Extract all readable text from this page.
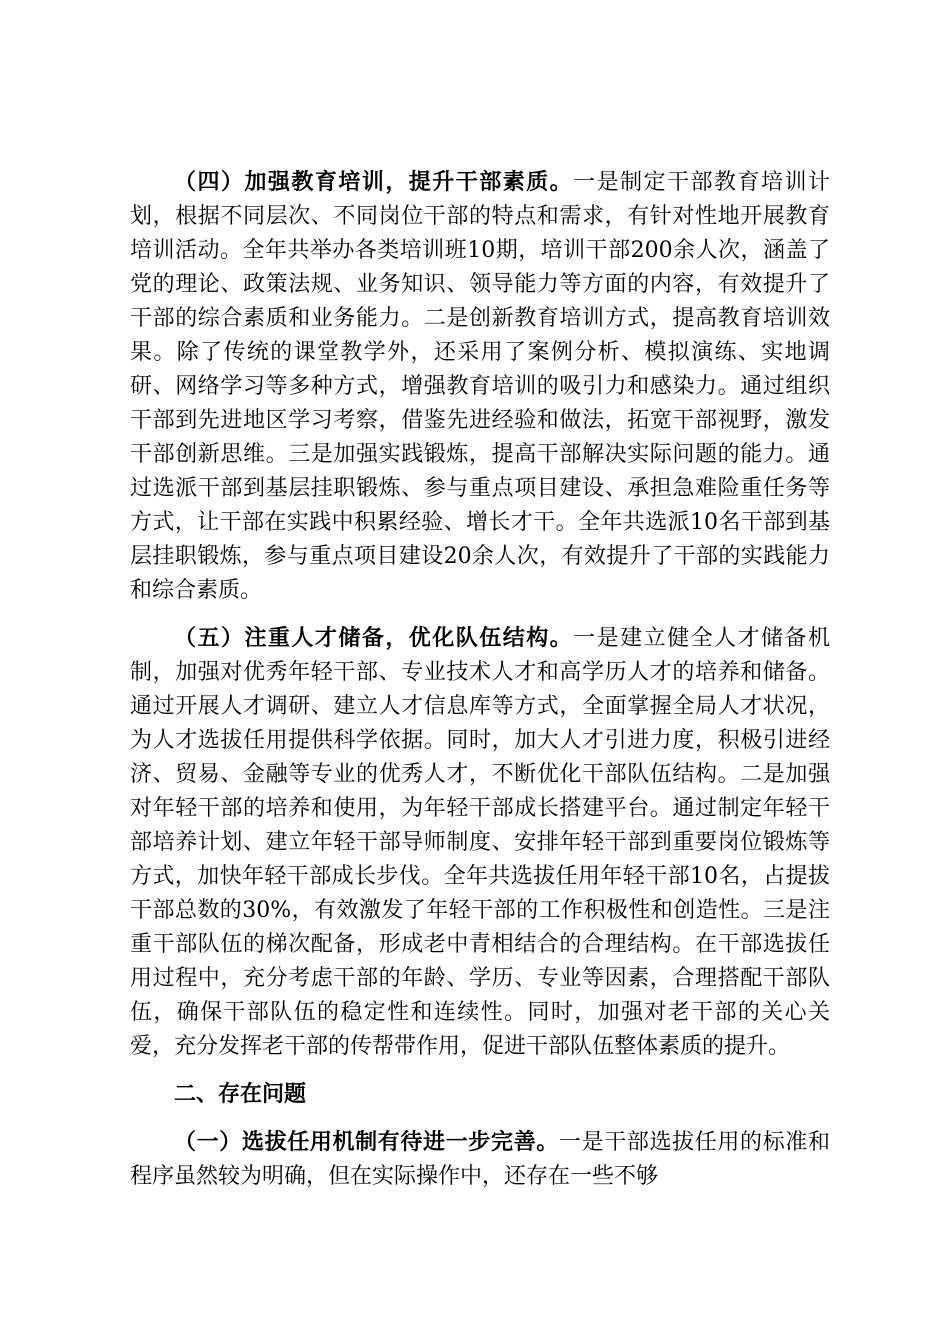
（四）加强教育培训，提升干部素质。一是制定干部教育培训计划，根据不同层次、不同岗位干部的特点和需求，有针对性地开展教育培训活动。全年共举办各类培训班10期，培训干部200余人次，涵盖了党的理论、政策法规、业务知识、领导能力等方面的内容，有效提升了干部的综合素质和业务能力。二是创新教育培训方式，提高教育培训效果。除了传统的课堂教学外，还采用了案例分析、模拟演练、实地调研、网络学习等多种方式，增强教育培训的吸引力和感染力。通过组织干部到先进地区学习考察，借鉴先进经验和做法，拓宽干部视野，激发干部创新思维。三是加强实践锻炼，提高干部解决实际问题的能力。通过选派干部到基层挂职锻炼、参与重点项目建设、承担急难险重任务等方式，让干部在实践中积累经验、增长才干。全年共选派10名干部到基层挂职锻炼，参与重点项目建设20余人次，有效提升了干部的实践能力和综合素质。

（五）注重人才储备，优化队伍结构。一是建立健全人才储备机制，加强对优秀年轻干部、专业技术人才和高学历人才的培养和储备。通过开展人才调研、建立人才信息库等方式，全面掌握全局人才状况，为人才选拔任用提供科学依据。同时，加大人才引进力度，积极引进经济、贸易、金融等专业的优秀人才，不断优化干部队伍结构。二是加强对年轻干部的培养和使用，为年轻干部成长搭建平台。通过制定年轻干部培养计划、建立年轻干部导师制度、安排年轻干部到重要岗位锻炼等方式，加快年轻干部成长步伐。全年共选拔任用年轻干部10名，占提拔干部总数的30%，有效激发了年轻干部的工作积极性和创造性。三是注重干部队伍的梯次配备，形成老中青相结合的合理结构。在干部选拔任用过程中，充分考虑干部的年龄、学历、专业等因素，合理搭配干部队伍，确保干部队伍的稳定性和连续性。同时，加强对老干部的关心关爱，充分发挥老干部的传帮带作用，促进干部队伍整体素质的提升。

二、存在问题

（一）选拔任用机制有待进一步完善。一是干部选拔任用的标准和程序虽然较为明确，但在实际操作中，还存在一些不够
